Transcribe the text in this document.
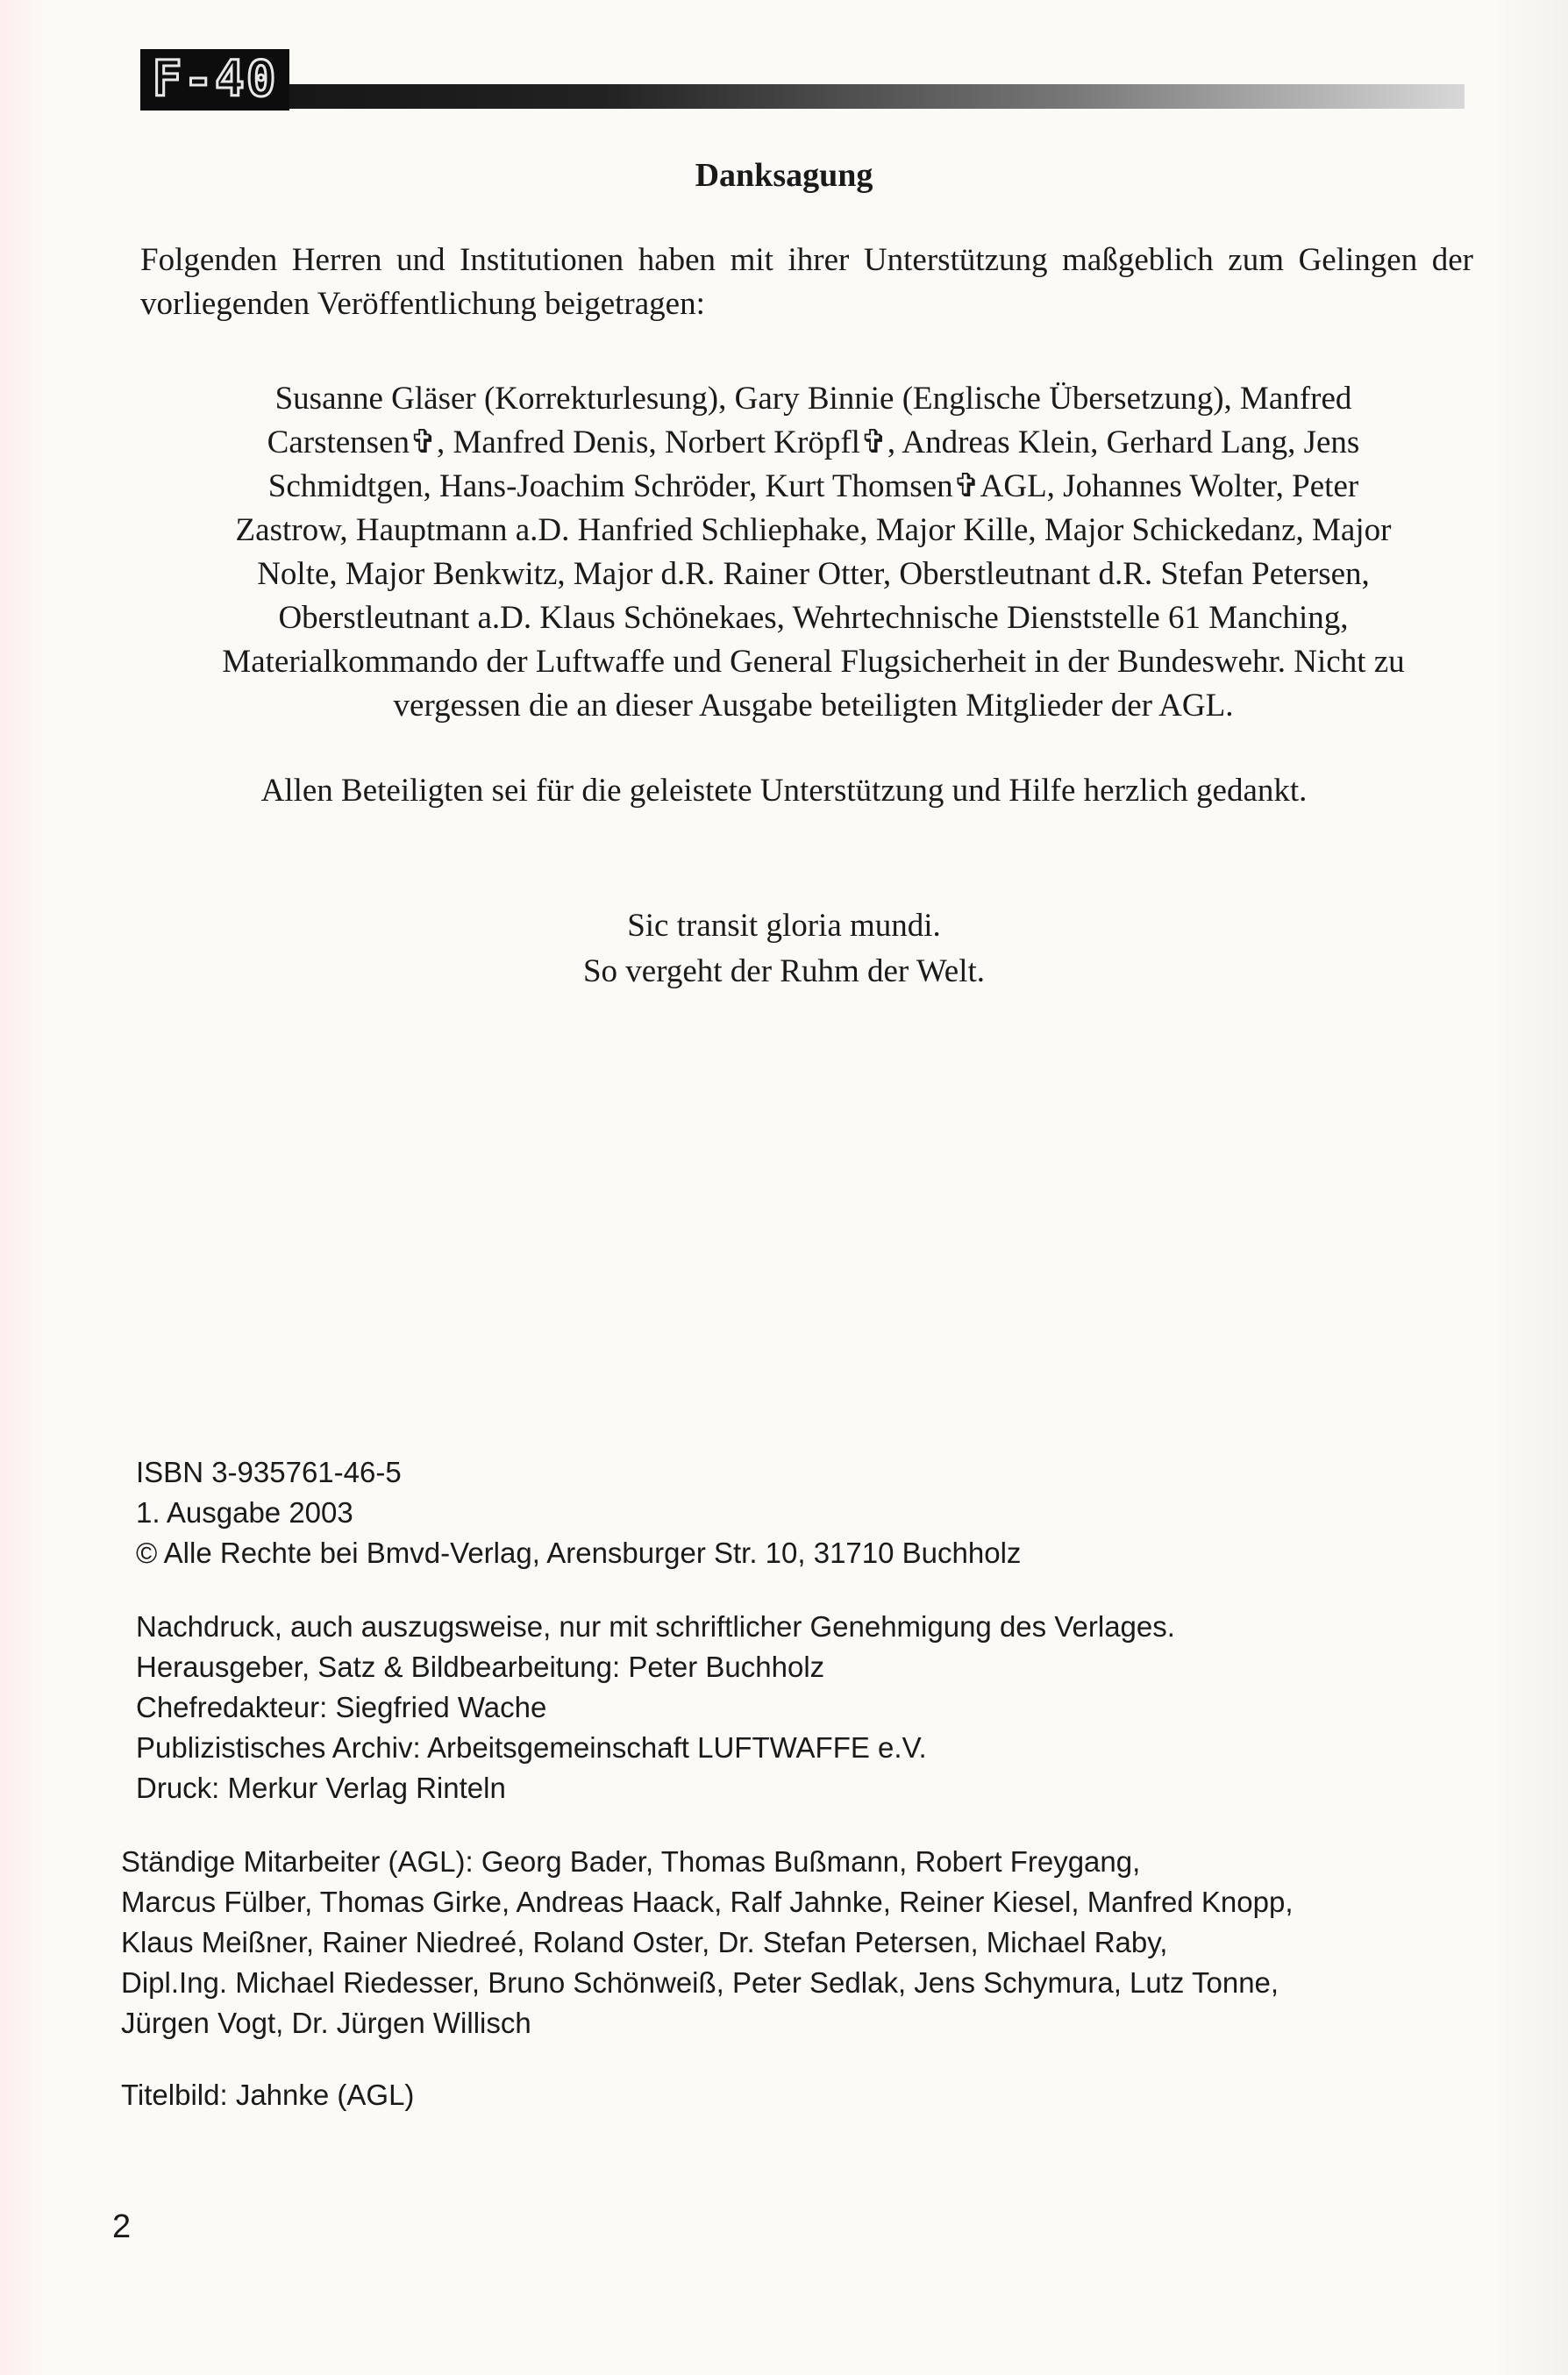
F-40
Danksagung
Folgenden Herren und Institutionen haben mit ihrer Unterstützung maßgeblich zum Gelingen der vorliegenden Veröffentlichung beigetragen:
Susanne Gläser (Korrekturlesung), Gary Binnie (Englische Übersetzung), Manfred
Carstensen✞, Manfred Denis, Norbert Kröpfl✞, Andreas Klein, Gerhard Lang, Jens
Schmidtgen, Hans-Joachim Schröder, Kurt Thomsen✞AGL, Johannes Wolter, Peter
Zastrow, Hauptmann a.D. Hanfried Schliephake, Major Kille, Major Schickedanz, Major
Nolte, Major Benkwitz, Major d.R. Rainer Otter, Oberstleutnant d.R. Stefan Petersen,
Oberstleutnant a.D. Klaus Schönekaes, Wehrtechnische Dienststelle 61 Manching,
Materialkommando der Luftwaffe und General Flugsicherheit in der Bundeswehr. Nicht zu
vergessen die an dieser Ausgabe beteiligten Mitglieder der AGL.
Allen Beteiligten sei für die geleistete Unterstützung und Hilfe herzlich gedankt.
Sic transit gloria mundi.
So vergeht der Ruhm der Welt.
ISBN 3-935761-46-5
1. Ausgabe 2003
© Alle Rechte bei Bmvd-Verlag, Arensburger Str. 10, 31710 Buchholz
Nachdruck, auch auszugsweise, nur mit schriftlicher Genehmigung des Verlages.
Herausgeber, Satz & Bildbearbeitung: Peter Buchholz
Chefredakteur: Siegfried Wache
Publizistisches Archiv: Arbeitsgemeinschaft LUFTWAFFE e.V.
Druck: Merkur Verlag Rinteln
Ständige Mitarbeiter (AGL): Georg Bader, Thomas Bußmann, Robert Freygang,
Marcus Fülber, Thomas Girke, Andreas Haack, Ralf Jahnke, Reiner Kiesel, Manfred Knopp,
Klaus Meißner, Rainer Niedreé, Roland Oster, Dr. Stefan Petersen, Michael Raby,
Dipl.Ing. Michael Riedesser, Bruno Schönweiß, Peter Sedlak, Jens Schymura, Lutz Tonne,
Jürgen Vogt, Dr. Jürgen Willisch
Titelbild: Jahnke (AGL)
2
